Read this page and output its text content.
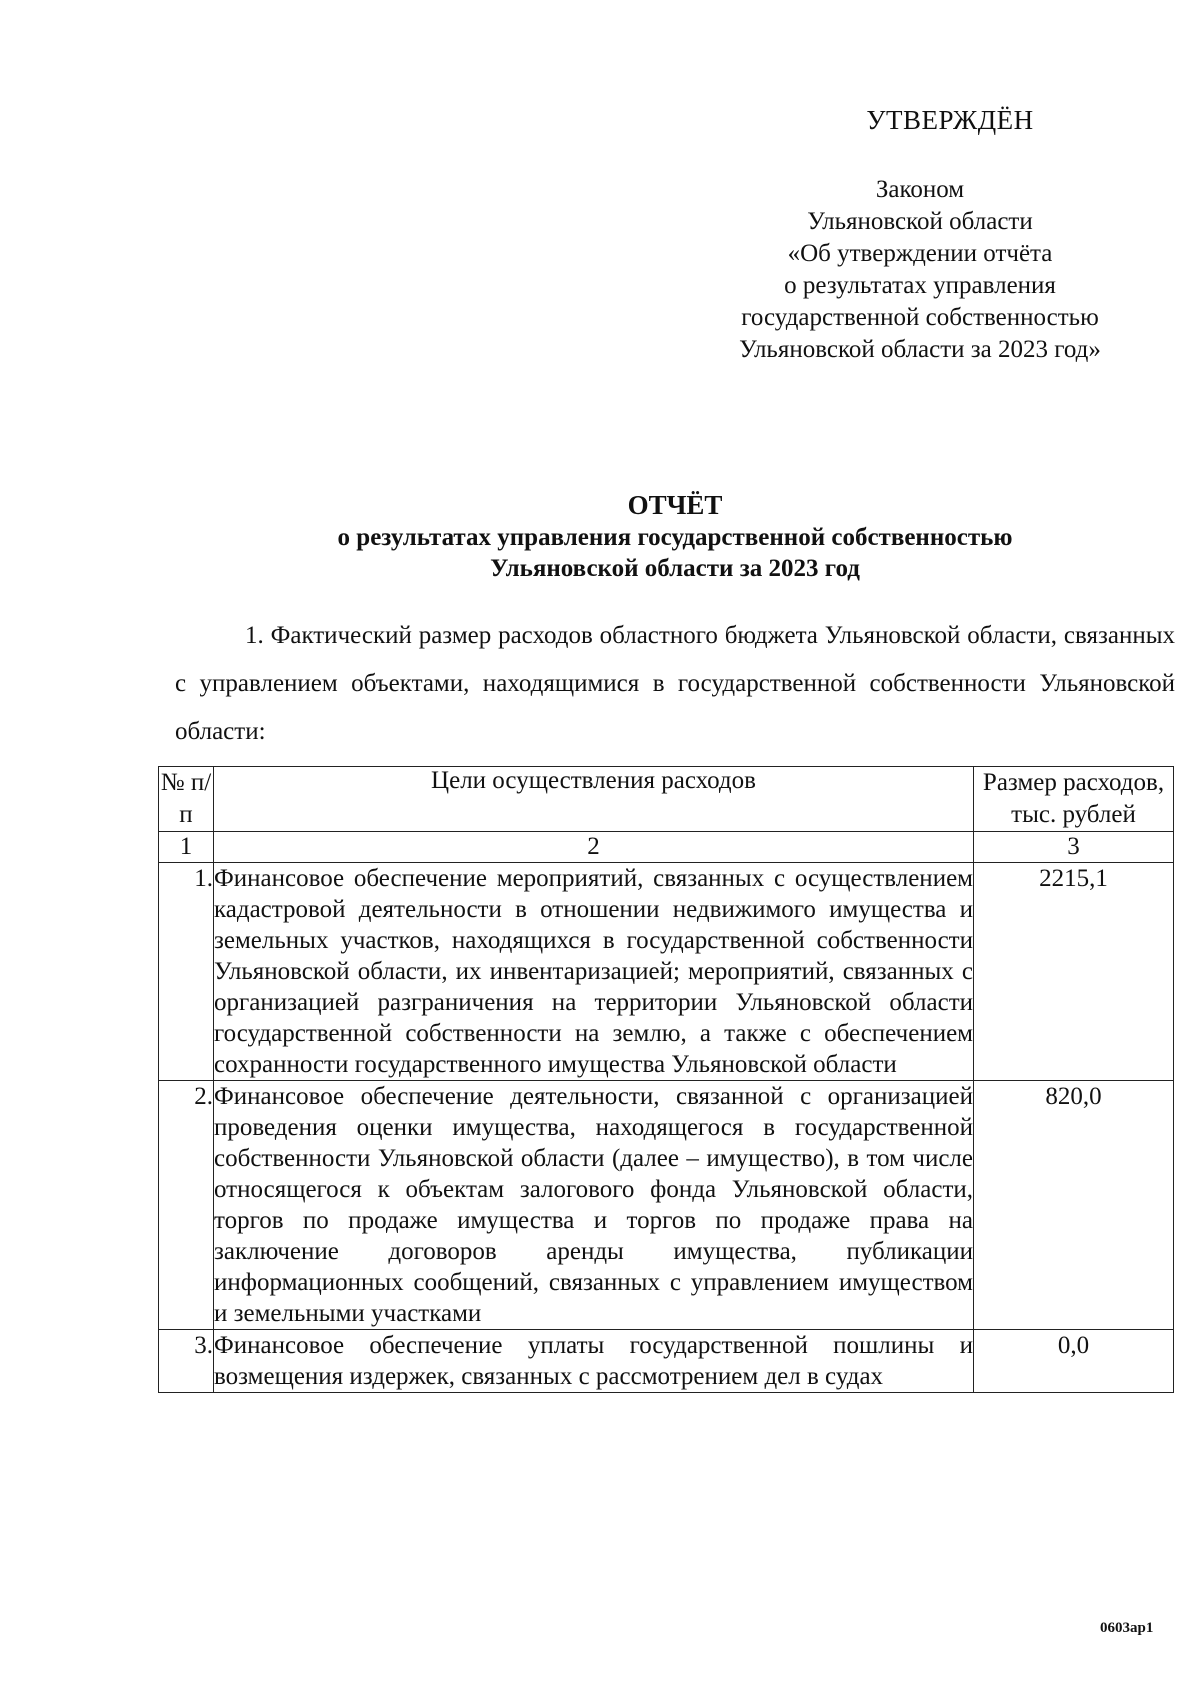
УТВЕРЖДЁН
Законом
Ульяновской области
«Об утверждении отчёта
о результатах управления
государственной собственностью
Ульяновской области за 2023 год»
ОТЧЁТ
о результатах управления государственной собственностью
Ульяновской области за 2023 год
1. Фактический размер расходов областного бюджета Ульяновской области, связанных с управлением объектами, находящимися в государственной собственности Ульяновской области:
№ п/п	Цели осуществления расходов	Размер расходов, тыс. рублей
1	2	3
1.	Финансовое обеспечение мероприятий, связанных с осуществлением кадастровой деятельности в отношении недвижимого имущества и земельных участков, находящихся в государственной собственности Ульяновской области, их инвентаризацией; мероприятий, связанных с организацией разграничения на территории Ульяновской области государственной собственности на землю, а также с обеспечением сохранности государственного имущества Ульяновской области	2215,1
2.	Финансовое обеспечение деятельности, связанной с организацией проведения оценки имущества, находящегося в государственной собственности Ульяновской области (далее – имущество), в том числе относящегося к объектам залогового фонда Ульяновской области, торгов по продаже имущества и торгов по продаже права на заключение договоров аренды имущества, публикации информационных сообщений, связанных с управлением имуществом и земельными участками	820,0
3.	Финансовое обеспечение уплаты государственной пошлины и возмещения издержек, связанных с рассмотрением дел в судах	0,0
0603ар1
